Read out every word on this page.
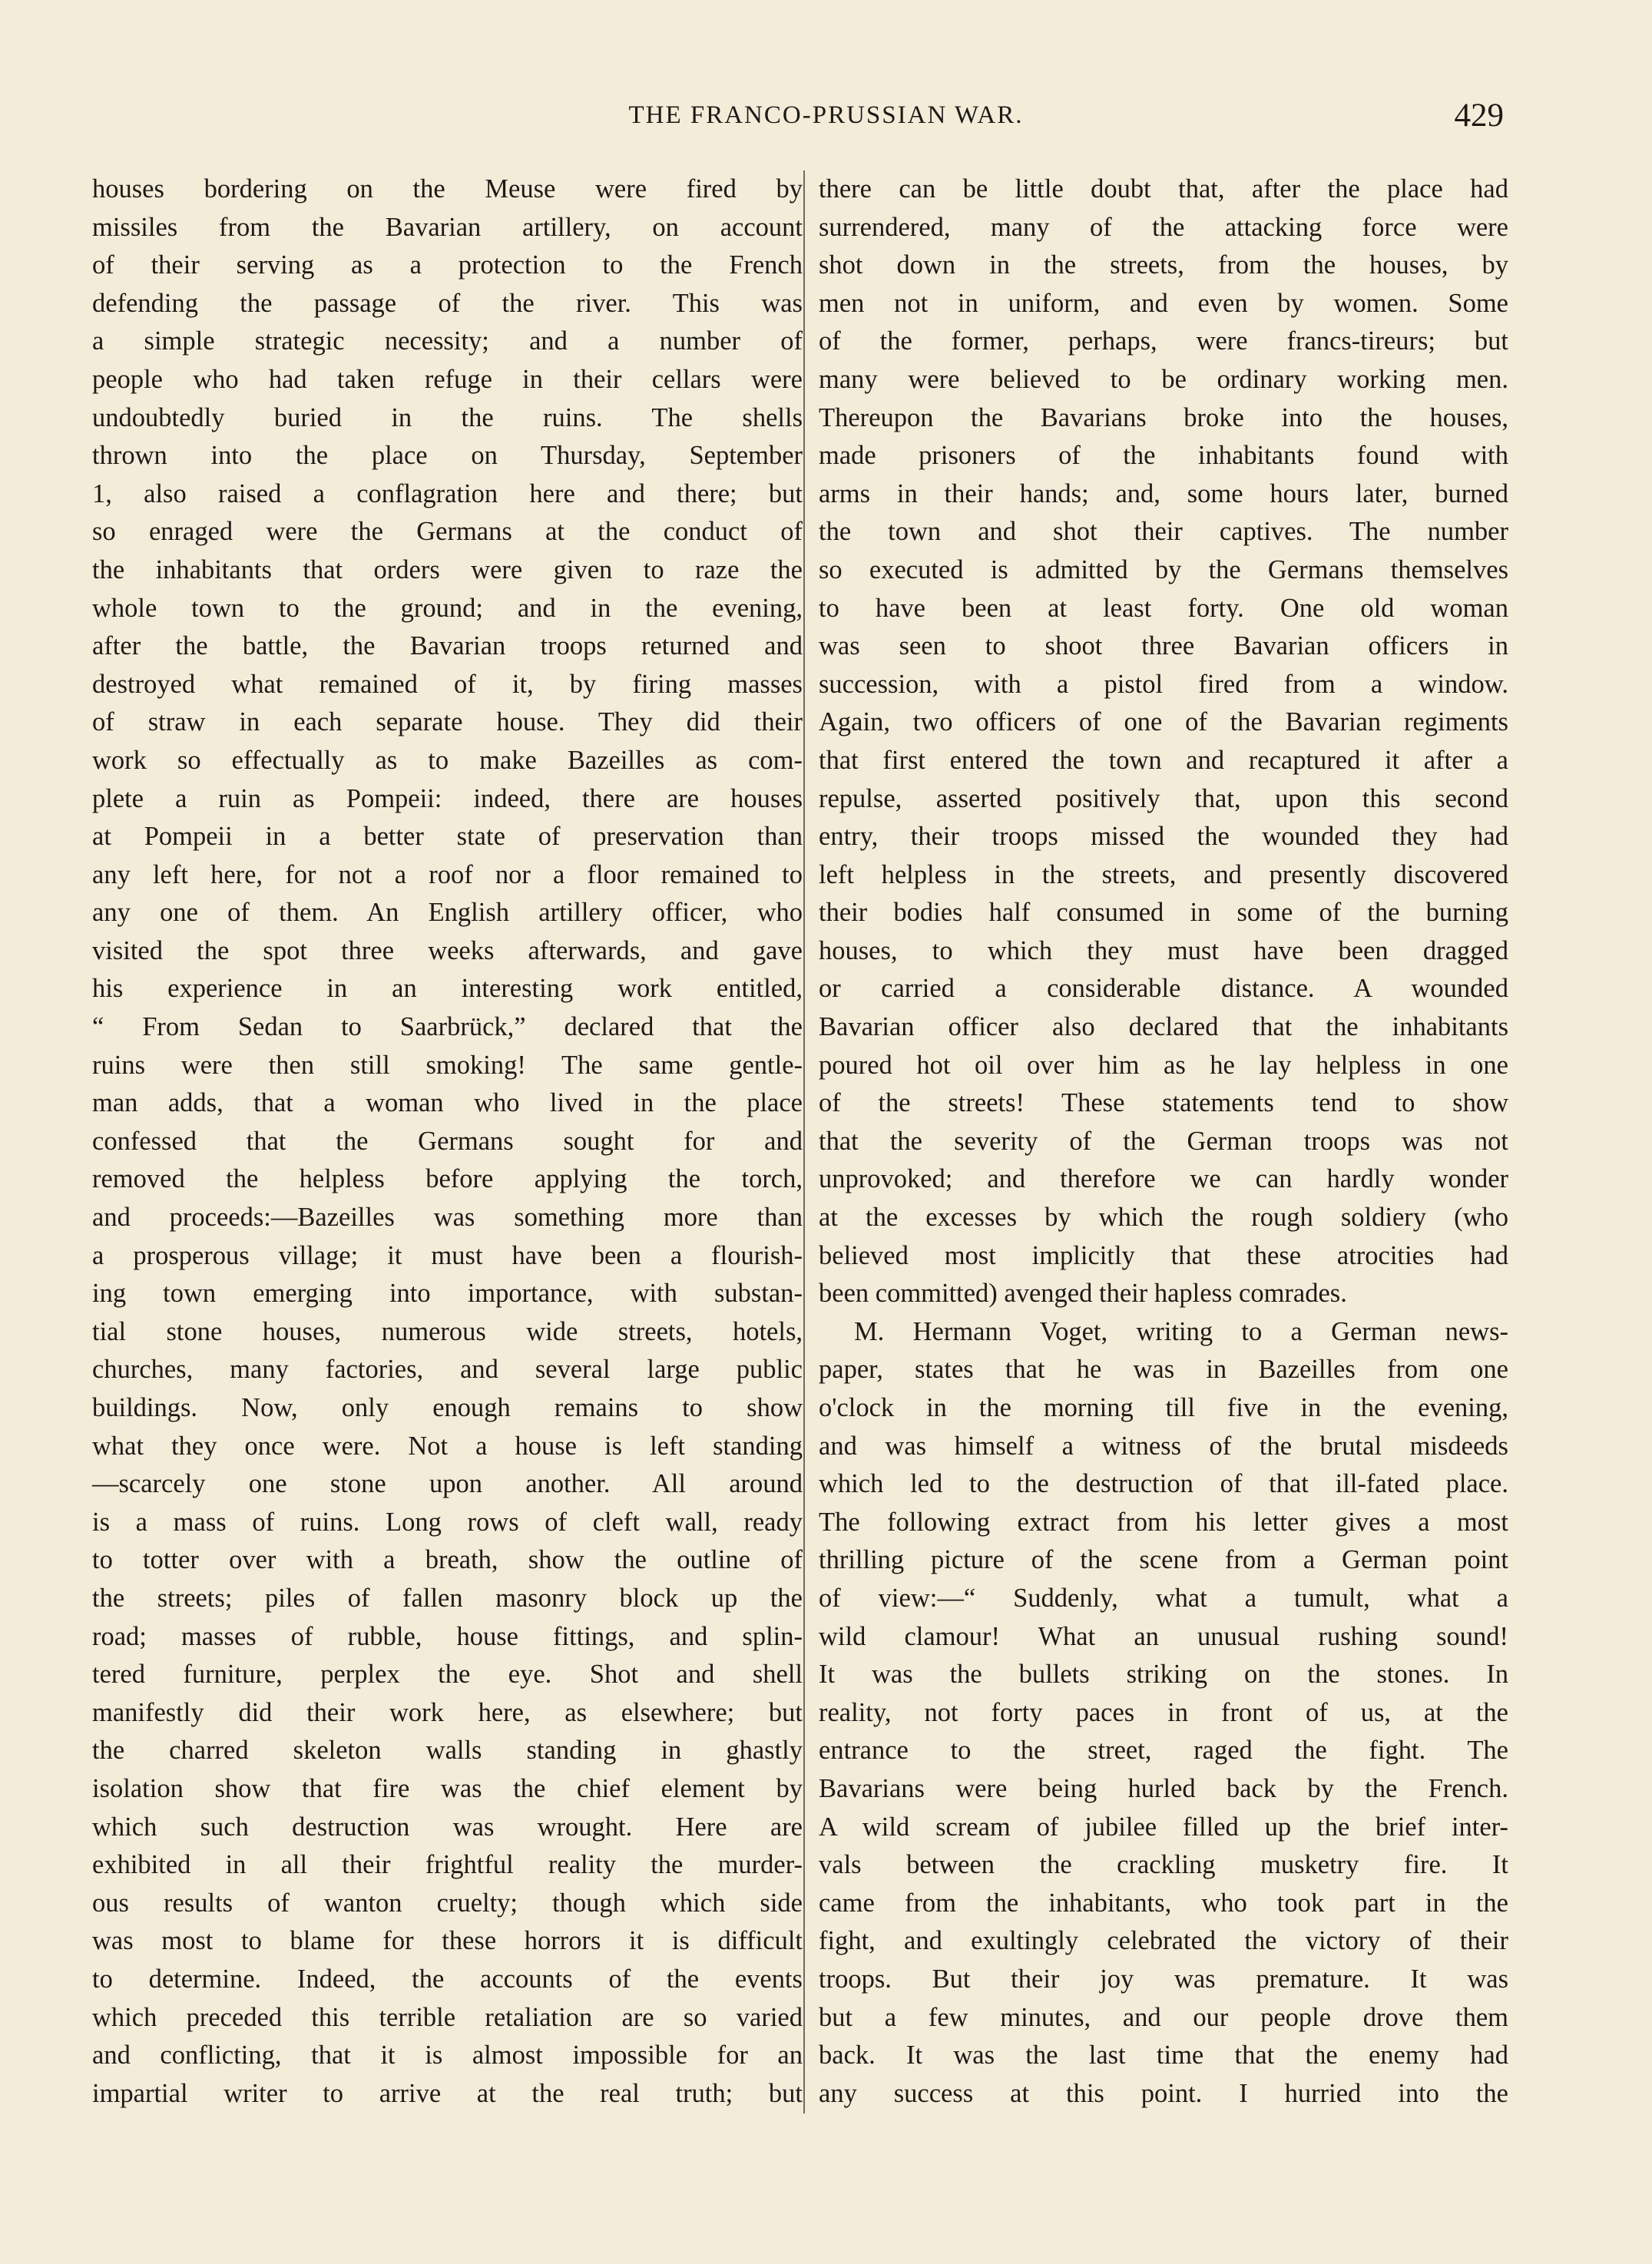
THE FRANCO-PRUSSIAN WAR.	429
houses bordering on the Meuse were fired by
missiles from the Bavarian artillery, on account
of their serving as a protection to the French
defending the passage of the river. This was
a simple strategic necessity; and a number of
people who had taken refuge in their cellars were
undoubtedly buried in the ruins. The shells
thrown into the place on Thursday, September
1, also raised a conflagration here and there; but
so enraged were the Germans at the conduct of
the inhabitants that orders were given to raze the
whole town to the ground; and in the evening,
after the battle, the Bavarian troops returned and
destroyed what remained of it, by firing masses
of straw in each separate house. They did their
work so effectually as to make Bazeilles as com-
plete a ruin as Pompeii: indeed, there are houses
at Pompeii in a better state of preservation than
any left here, for not a roof nor a floor remained to
any one of them. An English artillery officer, who
visited the spot three weeks afterwards, and gave
his experience in an interesting work entitled,
“ From Sedan to Saarbrück,” declared that the
ruins were then still smoking! The same gentle-
man adds, that a woman who lived in the place
confessed that the Germans sought for and
removed the helpless before applying the torch,
and proceeds:—Bazeilles was something more than
a prosperous village; it must have been a flourish-
ing town emerging into importance, with substan-
tial stone houses, numerous wide streets, hotels,
churches, many factories, and several large public
buildings. Now, only enough remains to show
what they once were. Not a house is left standing
—scarcely one stone upon another. All around
is a mass of ruins. Long rows of cleft wall, ready
to totter over with a breath, show the outline of
the streets; piles of fallen masonry block up the
road; masses of rubble, house fittings, and splin-
tered furniture, perplex the eye. Shot and shell
manifestly did their work here, as elsewhere; but
the charred skeleton walls standing in ghastly
isolation show that fire was the chief element by
which such destruction was wrought. Here are
exhibited in all their frightful reality the murder-
ous results of wanton cruelty; though which side
was most to blame for these horrors it is difficult
to determine. Indeed, the accounts of the events
which preceded this terrible retaliation are so varied
and conflicting, that it is almost impossible for an
impartial writer to arrive at the real truth; but
there can be little doubt that, after the place had
surrendered, many of the attacking force were
shot down in the streets, from the houses, by
men not in uniform, and even by women. Some
of the former, perhaps, were francs-tireurs; but
many were believed to be ordinary working men.
Thereupon the Bavarians broke into the houses,
made prisoners of the inhabitants found with
arms in their hands; and, some hours later, burned
the town and shot their captives. The number
so executed is admitted by the Germans themselves
to have been at least forty. One old woman
was seen to shoot three Bavarian officers in
succession, with a pistol fired from a window.
Again, two officers of one of the Bavarian regiments
that first entered the town and recaptured it after a
repulse, asserted positively that, upon this second
entry, their troops missed the wounded they had
left helpless in the streets, and presently discovered
their bodies half consumed in some of the burning
houses, to which they must have been dragged
or carried a considerable distance. A wounded
Bavarian officer also declared that the inhabitants
poured hot oil over him as he lay helpless in one
of the streets! These statements tend to show
that the severity of the German troops was not
unprovoked; and therefore we can hardly wonder
at the excesses by which the rough soldiery (who
believed most implicitly that these atrocities had
been committed) avenged their hapless comrades.
M. Hermann Voget, writing to a German news-
paper, states that he was in Bazeilles from one
o'clock in the morning till five in the evening,
and was himself a witness of the brutal misdeeds
which led to the destruction of that ill-fated place.
The following extract from his letter gives a most
thrilling picture of the scene from a German point
of view:—“ Suddenly, what a tumult, what a
wild clamour! What an unusual rushing sound!
It was the bullets striking on the stones. In
reality, not forty paces in front of us, at the
entrance to the street, raged the fight. The
Bavarians were being hurled back by the French.
A wild scream of jubilee filled up the brief inter-
vals between the crackling musketry fire. It
came from the inhabitants, who took part in the
fight, and exultingly celebrated the victory of their
troops. But their joy was premature. It was
but a few minutes, and our people drove them
back. It was the last time that the enemy had
any success at this point. I hurried into the
